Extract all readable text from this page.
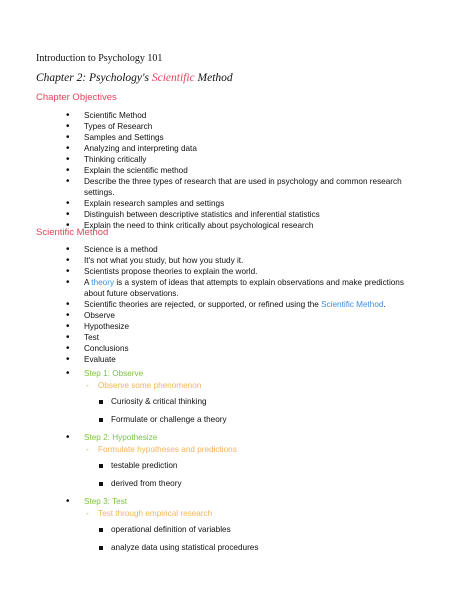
Introduction to Psychology 101
Chapter 2: Psychology's Scientific Method
Chapter Objectives
• Scientific Method
• Types of Research
• Samples and Settings
• Analyzing and interpreting data
• Thinking critically
• Explain the scientific method
• Describe the three types of research that are used in psychology and common research settings.
• Explain research samples and settings
• Distinguish between descriptive statistics and inferential statistics
• Explain the need to think critically about psychological research
Scientific Method
• Science is a method
• It's not what you study, but how you study it.
• Scientists propose theories to explain the world.
• A theory is a system of ideas that attempts to explain observations and make predictions about future observations.
• Scientific theories are rejected, or supported, or refined using the Scientific Method.
• Observe
• Hypothesize
• Test
• Conclusions
• Evaluate
• Step 1: Observe
- Observe some phenomenon
Curiosity & critical thinking
Formulate or challenge a theory
• Step 2: Hypothesize
- Formulate hypotheses and predictions
testable prediction
derived from theory
• Step 3: Test
- Test through empirical research
operational definition of variables
analyze data using statistical procedures
